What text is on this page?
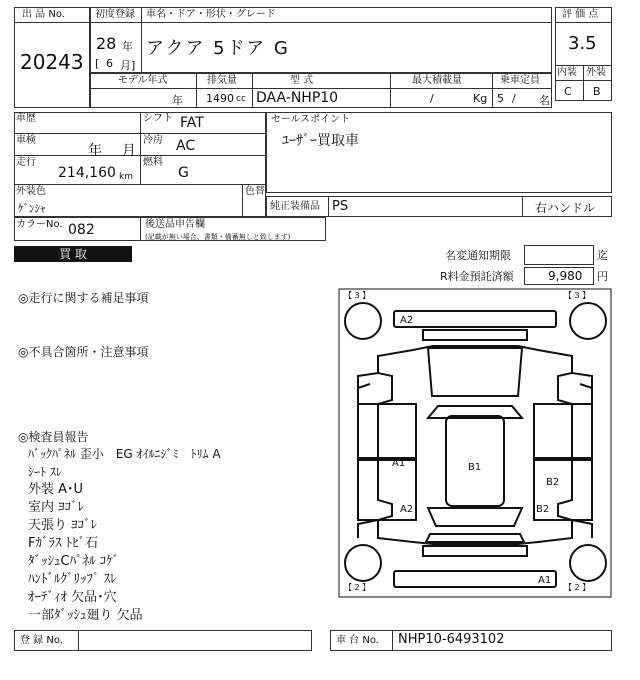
出 品 No.
20243
初度登録 車名・ドア・形状・グレード
28 年
[ 6 月]
アクア 5ドア G
モデル年式	排気量	型 式	最大積載量	乗車定員
年 1490 cc DAA-NHP10	/	Kg 5 / 名
評 価 点
3.5
内装 外装
C B
車歴	シフト FAT
車検
年 月
冷房 AC
走行
214,160 km
燃料
G
外装色
ｹﾞﾝｼｬ
色替
セールスポイント
ﾕｰｻﾞｰ買取車
純正装備品 PS	右ハンドル
カラーNo. 082	後送品申告欄
(記載が無い場合、書類・備蓄無しと致します)
買 取	名変通知期限	迄
R料金預託済額	9,980 円
◎走行に関する補足事項
◎不具合箇所・注意事項
◎検査員報告
ﾊﾞｯｸﾊﾟﾈﾙ 歪小　EG ｵｲﾙﾆｼﾞﾐ　ﾄﾘﾑ A
ｼｰﾄ ｽﾚ
外装 A･U
室内 ﾖｺﾞﾚ
天張り ﾖｺﾞﾚ
Fｶﾞﾗｽ ﾄﾋﾞ石
ﾀﾞｯｼｭCﾊﾟﾈﾙ ｺｹﾞ
ﾊﾝﾄﾞﾙｸﾞﾘｯﾌﾟ ｽﾚ
ｵｰﾃﾞｨｵ 欠品･穴
一部ﾀﾞｯｼｭ廻り 欠品
【 3 】	【 3 】
【 2 】	【 2 】
A2
A1	B1
A2
B2
B2
A1
登 録 No.	車 台 No. NHP10-6493102
